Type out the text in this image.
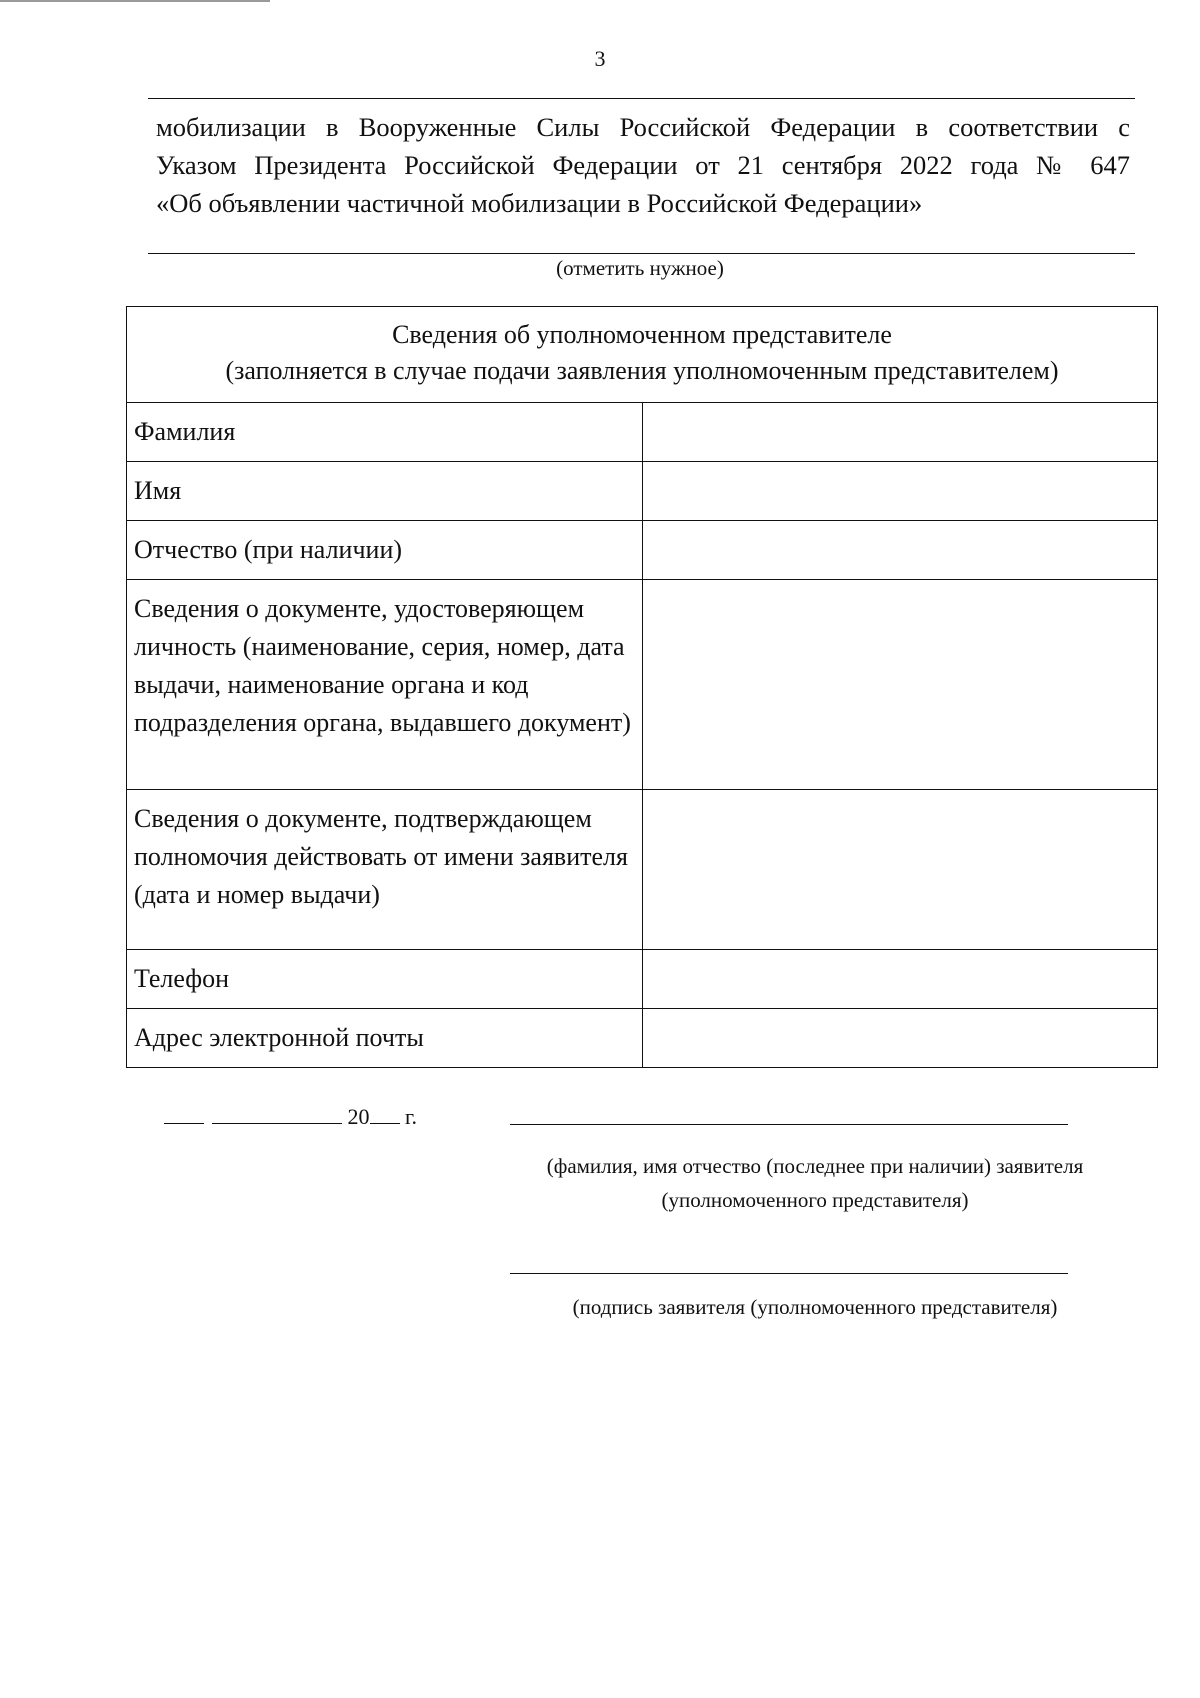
3

мобилизации в Вооруженные Силы Российской Федерации в соответствии с
Указом Президента Российской Федерации от 21 сентября 2022 года № 647
«Об объявлении частичной мобилизации в Российской Федерации»

(отметить нужное)
Сведения об уполномоченном представителе
(заполняется в случае подачи заявления уполномоченным представителем)	

Фамилия	
Имя	
Отчество (при наличии)	
Сведения о документе, удостоверяющем личность (наименование, серия, номер, дата выдачи, наименование органа и код подразделения органа, выдавшего документ)	
Сведения о документе, подтверждающем полномочия действовать от имени заявителя (дата и номер выдачи)	
Телефон	
Адрес электронной почты	
20 г.
(фамилия, имя отчество (последнее при наличии) заявителя
(уполномоченного представителя)
(подпись заявителя (уполномоченного представителя)
